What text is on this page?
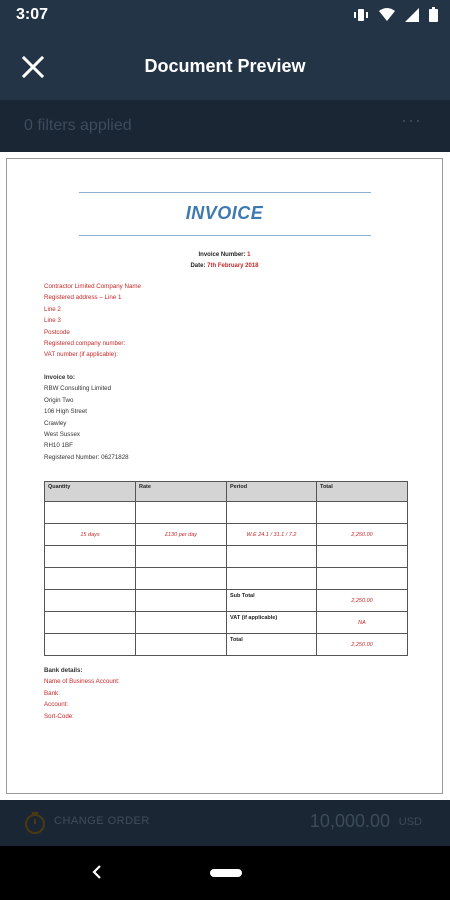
3:07
Document Preview
0 filters applied	···
INVOICE
Invoice Number: 1
Date: 7th February 2018
Contractor Limited Company Name
Registered address – Line 1
Line 2
Line 3
Postcode
Registered company number:
VAT number (if applicable):
Invoice to:
RBW Consulting Limited
Origin Two
106 High Street
Crawley
West Sussex
RH10 1BF
Registered Number: 06271828
Quantity	Rate	Period	Total

15 days	£130 per day	W.E 24.1 / 31.1 / 7.2	2,250.00

		Sub Total	2,250.00
		VAT (if applicable)	NA
		Total	2,250.00
Bank details:
Name of Business Account:
Bank:
Account:
Sort-Code:
CHANGE ORDER	10,000.00 USD
